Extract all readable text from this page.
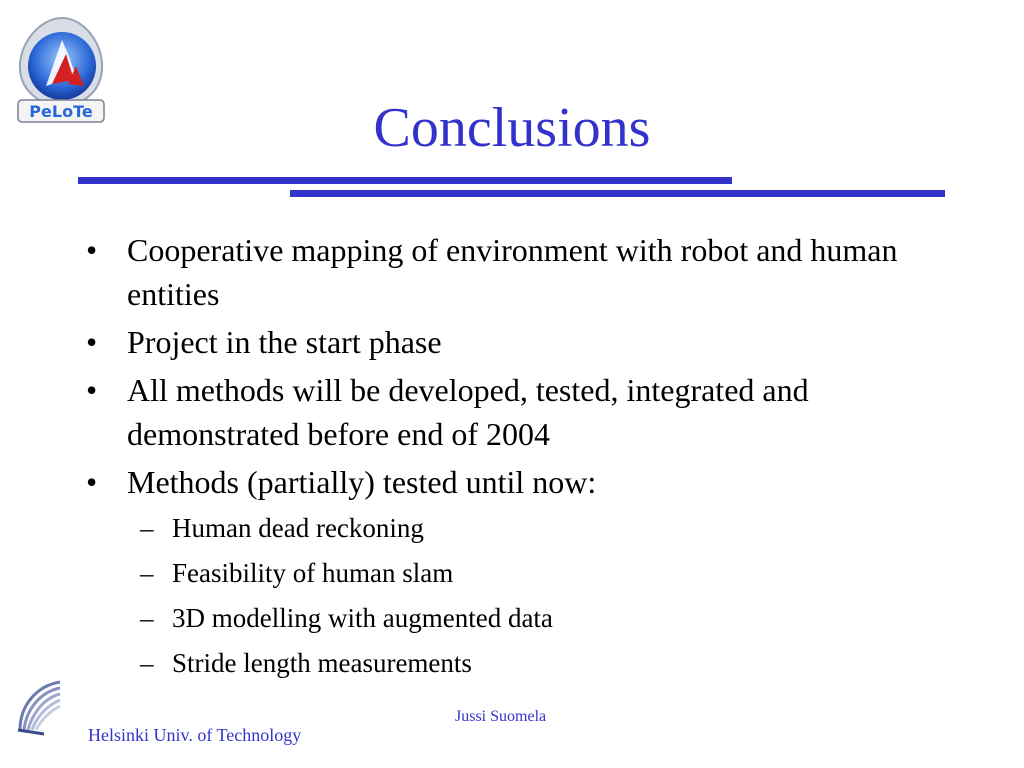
PeLoTe	Conclusions
• Cooperative mapping of environment with robot and human entities
• Project in the start phase
• All methods will be developed, tested, integrated and demonstrated before end of 2004
• Methods (partially) tested until now:
– Human dead reckoning
– Feasibility of human slam
– 3D modelling with augmented data
– Stride length measurements
Jussi Suomela
Helsinki Univ. of Technology
